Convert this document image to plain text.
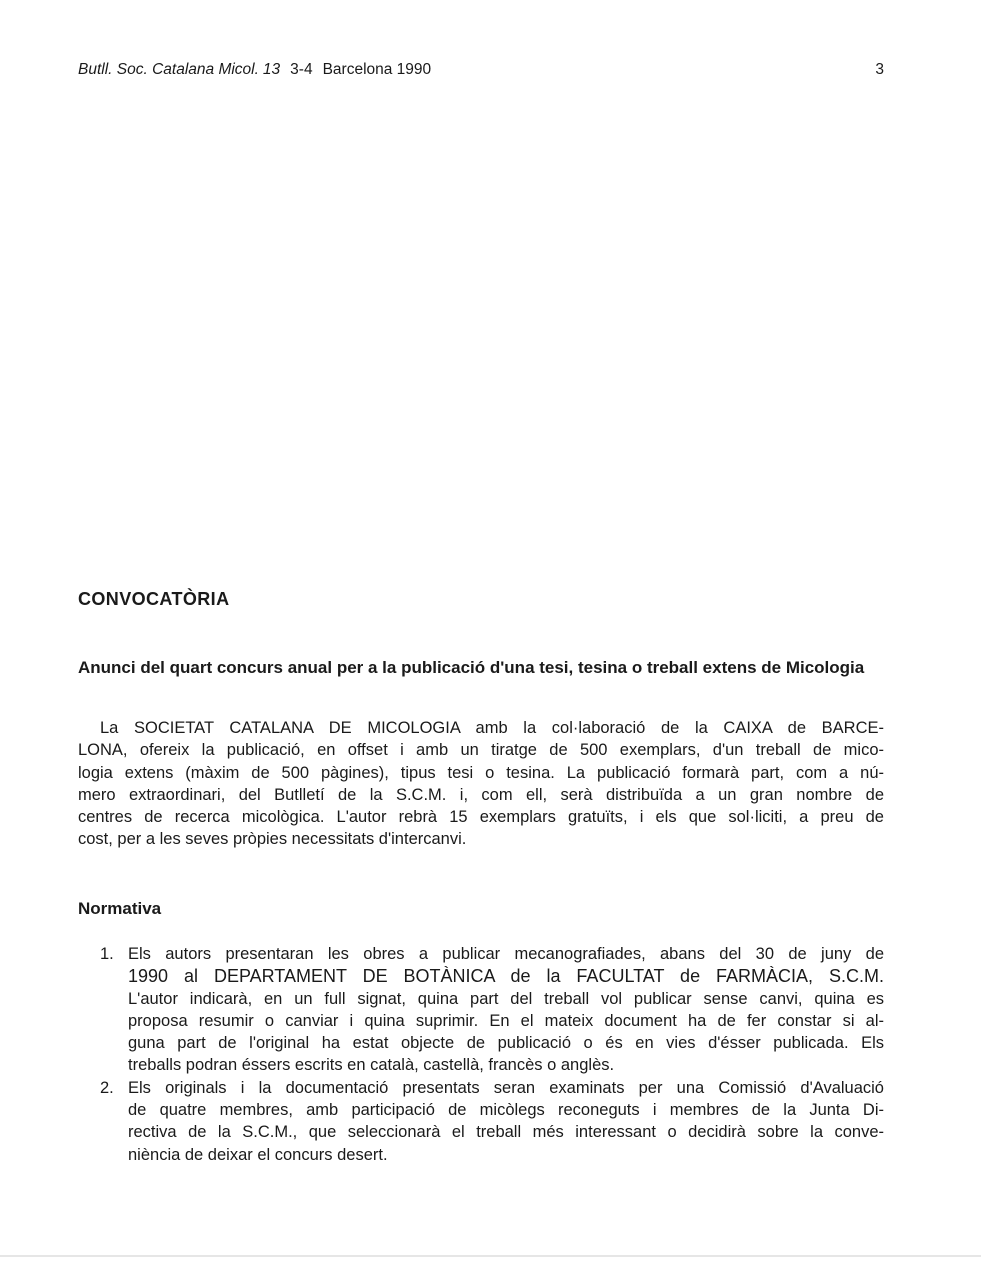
Butll. Soc. Catalana Micol. 13 3-4 Barcelona 1990	3
CONVOCATÒRIA
Anunci del quart concurs anual per a la publicació d'una tesi, tesina o treball extens de Micologia
La SOCIETAT CATALANA DE MICOLOGIA amb la col·laboració de la CAIXA de BARCE-
LONA, ofereix la publicació, en offset i amb un tiratge de 500 exemplars, d'un treball de mico-
logia extens (màxim de 500 pàgines), tipus tesi o tesina. La publicació formarà part, com a nú-
mero extraordinari, del Butlletí de la S.C.M. i, com ell, serà distribuïda a un gran nombre de
centres de recerca micològica. L'autor rebrà 15 exemplars gratuïts, i els que sol·liciti, a preu de
cost, per a les seves pròpies necessitats d'intercanvi.
Normativa
1. Els autors presentaran les obres a publicar mecanografiades, abans del 30 de juny de
1990 al DEPARTAMENT DE BOTÀNICA de la FACULTAT de FARMÀCIA, S.C.M.
L'autor indicarà, en un full signat, quina part del treball vol publicar sense canvi, quina es
proposa resumir o canviar i quina suprimir. En el mateix document ha de fer constar si al-
guna part de l'original ha estat objecte de publicació o és en vies d'ésser publicada. Els
treballs podran éssers escrits en català, castellà, francès o anglès.
2. Els originals i la documentació presentats seran examinats per una Comissió d'Avaluació
de quatre membres, amb participació de micòlegs reconeguts i membres de la Junta Di-
rectiva de la S.C.M., que seleccionarà el treball més interessant o decidirà sobre la conve-
niència de deixar el concurs desert.
